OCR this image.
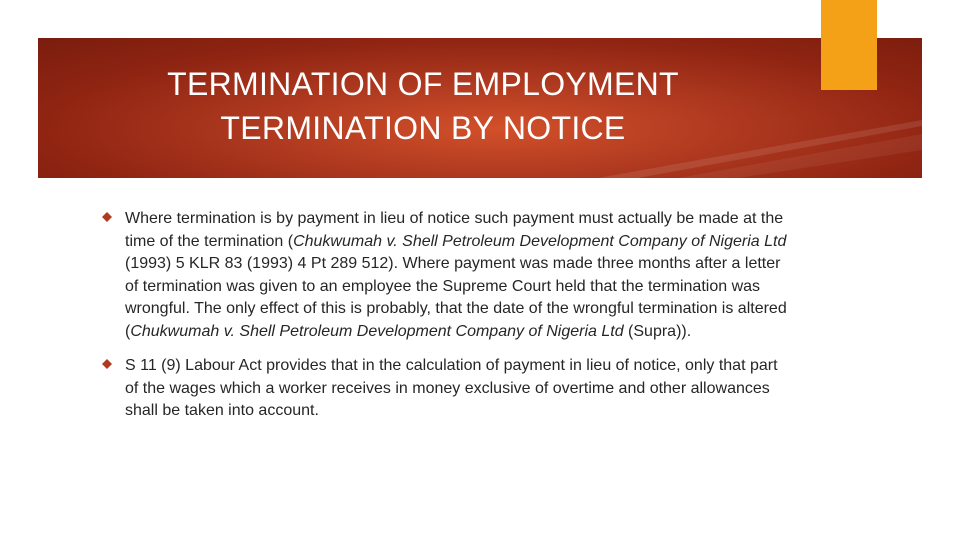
TERMINATION OF EMPLOYMENT
TERMINATION BY NOTICE
Where termination is by payment in lieu of notice such payment must actually be made at the time of the termination (Chukwumah v. Shell Petroleum Development Company of Nigeria Ltd (1993) 5 KLR 83 (1993) 4 Pt 289 512). Where payment was made three months after a letter of termination was given to an employee the Supreme Court held that the termination was wrongful. The only effect of this is probably, that the date of the wrongful termination is altered (Chukwumah v. Shell Petroleum Development Company of Nigeria Ltd (Supra)).
S 11 (9) Labour Act provides that in the calculation of payment in lieu of notice, only that part of the wages which a worker receives in money exclusive of overtime and other allowances shall be taken into account.
